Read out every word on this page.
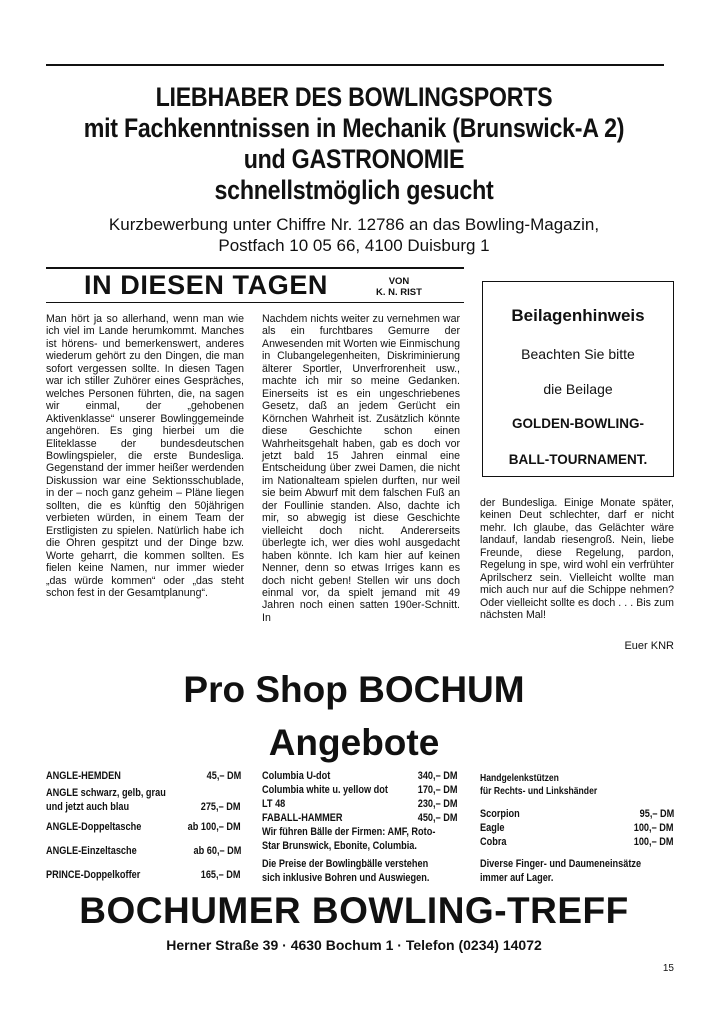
LIEBHABER DES BOWLINGSPORTS
mit Fachkenntnissen in Mechanik (Brunswick-A 2)
und GASTRONOMIE
schnellstmöglich gesucht
Kurzbewerbung unter Chiffre Nr. 12786 an das Bowling-Magazin,
Postfach 10 05 66, 4100 Duisburg 1
IN DIESEN TAGEN	VON
K. N. RIST

Man hört ja so allerhand, wenn man wie ich viel im Lande herumkommt. Manches ist hörens- und bemerkenswert, anderes wiederum gehört zu den Dingen, die man sofort vergessen sollte. In diesen Tagen war ich stiller Zuhörer eines Gespräches, welches Personen führten, die, na sagen wir einmal, der „gehobenen Aktivenklasse“ unserer Bowlinggemeinde angehören. Es ging hierbei um die Eliteklasse der bundesdeutschen Bowlingspieler, die erste Bundesliga. Gegenstand der immer heißer werdenden Diskussion war eine Sektionsschublade, in der – noch ganz geheim – Pläne liegen sollten, die es künftig den 50jährigen verbieten würden, in einem Team der Erstligisten zu spielen. Natürlich habe ich die Ohren gespitzt und der Dinge bzw. Worte geharrt, die kommen sollten. Es fielen keine Namen, nur immer wieder „das würde kommen“ oder „das steht schon fest in der Gesamtplanung“.

Nachdem nichts weiter zu vernehmen war als ein furchtbares Gemurre der Anwesenden mit Worten wie Einmischung in Clubangelegenheiten, Diskriminierung älterer Sportler, Unverfrorenheit usw., machte ich mir so meine Gedanken. Einerseits ist es ein ungeschriebenes Gesetz, daß an jedem Gerücht ein Körnchen Wahrheit ist. Zusätzlich könnte diese Geschichte schon einen Wahrheitsgehalt haben, gab es doch vor jetzt bald 15 Jahren einmal eine Entscheidung über zwei Damen, die nicht im Nationalteam spielen durften, nur weil sie beim Abwurf mit dem falschen Fuß an der Foullinie standen. Also, dachte ich mir, so abwegig ist diese Geschichte vielleicht doch nicht. Andererseits überlegte ich, wer dies wohl ausgedacht haben könnte. Ich kam hier auf keinen Nenner, denn so etwas Irriges kann es doch nicht geben! Stellen wir uns doch einmal vor, da spielt jemand mit 49 Jahren noch einen satten 190er-Schnitt. In

Beilagenhinweis
Beachten Sie bitte
die Beilage
GOLDEN-BOWLING-
BALL-TOURNAMENT.

der Bundesliga. Einige Monate später, keinen Deut schlechter, darf er nicht mehr. Ich glaube, das Gelächter wäre landauf, landab riesengroß. Nein, liebe Freunde, diese Regelung, pardon, Regelung in spe, wird wohl ein verfrühter Aprilscherz sein. Vielleicht wollte man mich auch nur auf die Schippe nehmen? Oder vielleicht sollte es doch . . . Bis zum nächsten Mal!

Euer KNR
Pro Shop BOCHUM
Angebote
ANGLE-HEMDEN	45,– DM
ANGLE schwarz, gelb, grau
und jetzt auch blau	275,– DM
ANGLE-Doppeltasche	ab 100,– DM
ANGLE-Einzeltasche	ab 60,– DM
PRINCE-Doppelkoffer	165,– DM
Columbia U-dot	340,– DM
Columbia white u. yellow dot	170,– DM
LT 48	230,– DM
FABALL-HAMMER	450,– DM
Wir führen Bälle der Firmen: AMF, Roto-
Star Brunswick, Ebonite, Columbia.
Die Preise der Bowlingbälle verstehen
sich inklusive Bohren und Auswiegen.
Handgelenkstützen
für Rechts- und Linkshänder
Scorpion	95,– DM
Eagle	100,– DM
Cobra	100,– DM
Diverse Finger- und Daumeneinsätze
immer auf Lager.
BOCHUMER BOWLING-TREFF
Herner Straße 39 · 4630 Bochum 1 · Telefon (0234) 14072
15
